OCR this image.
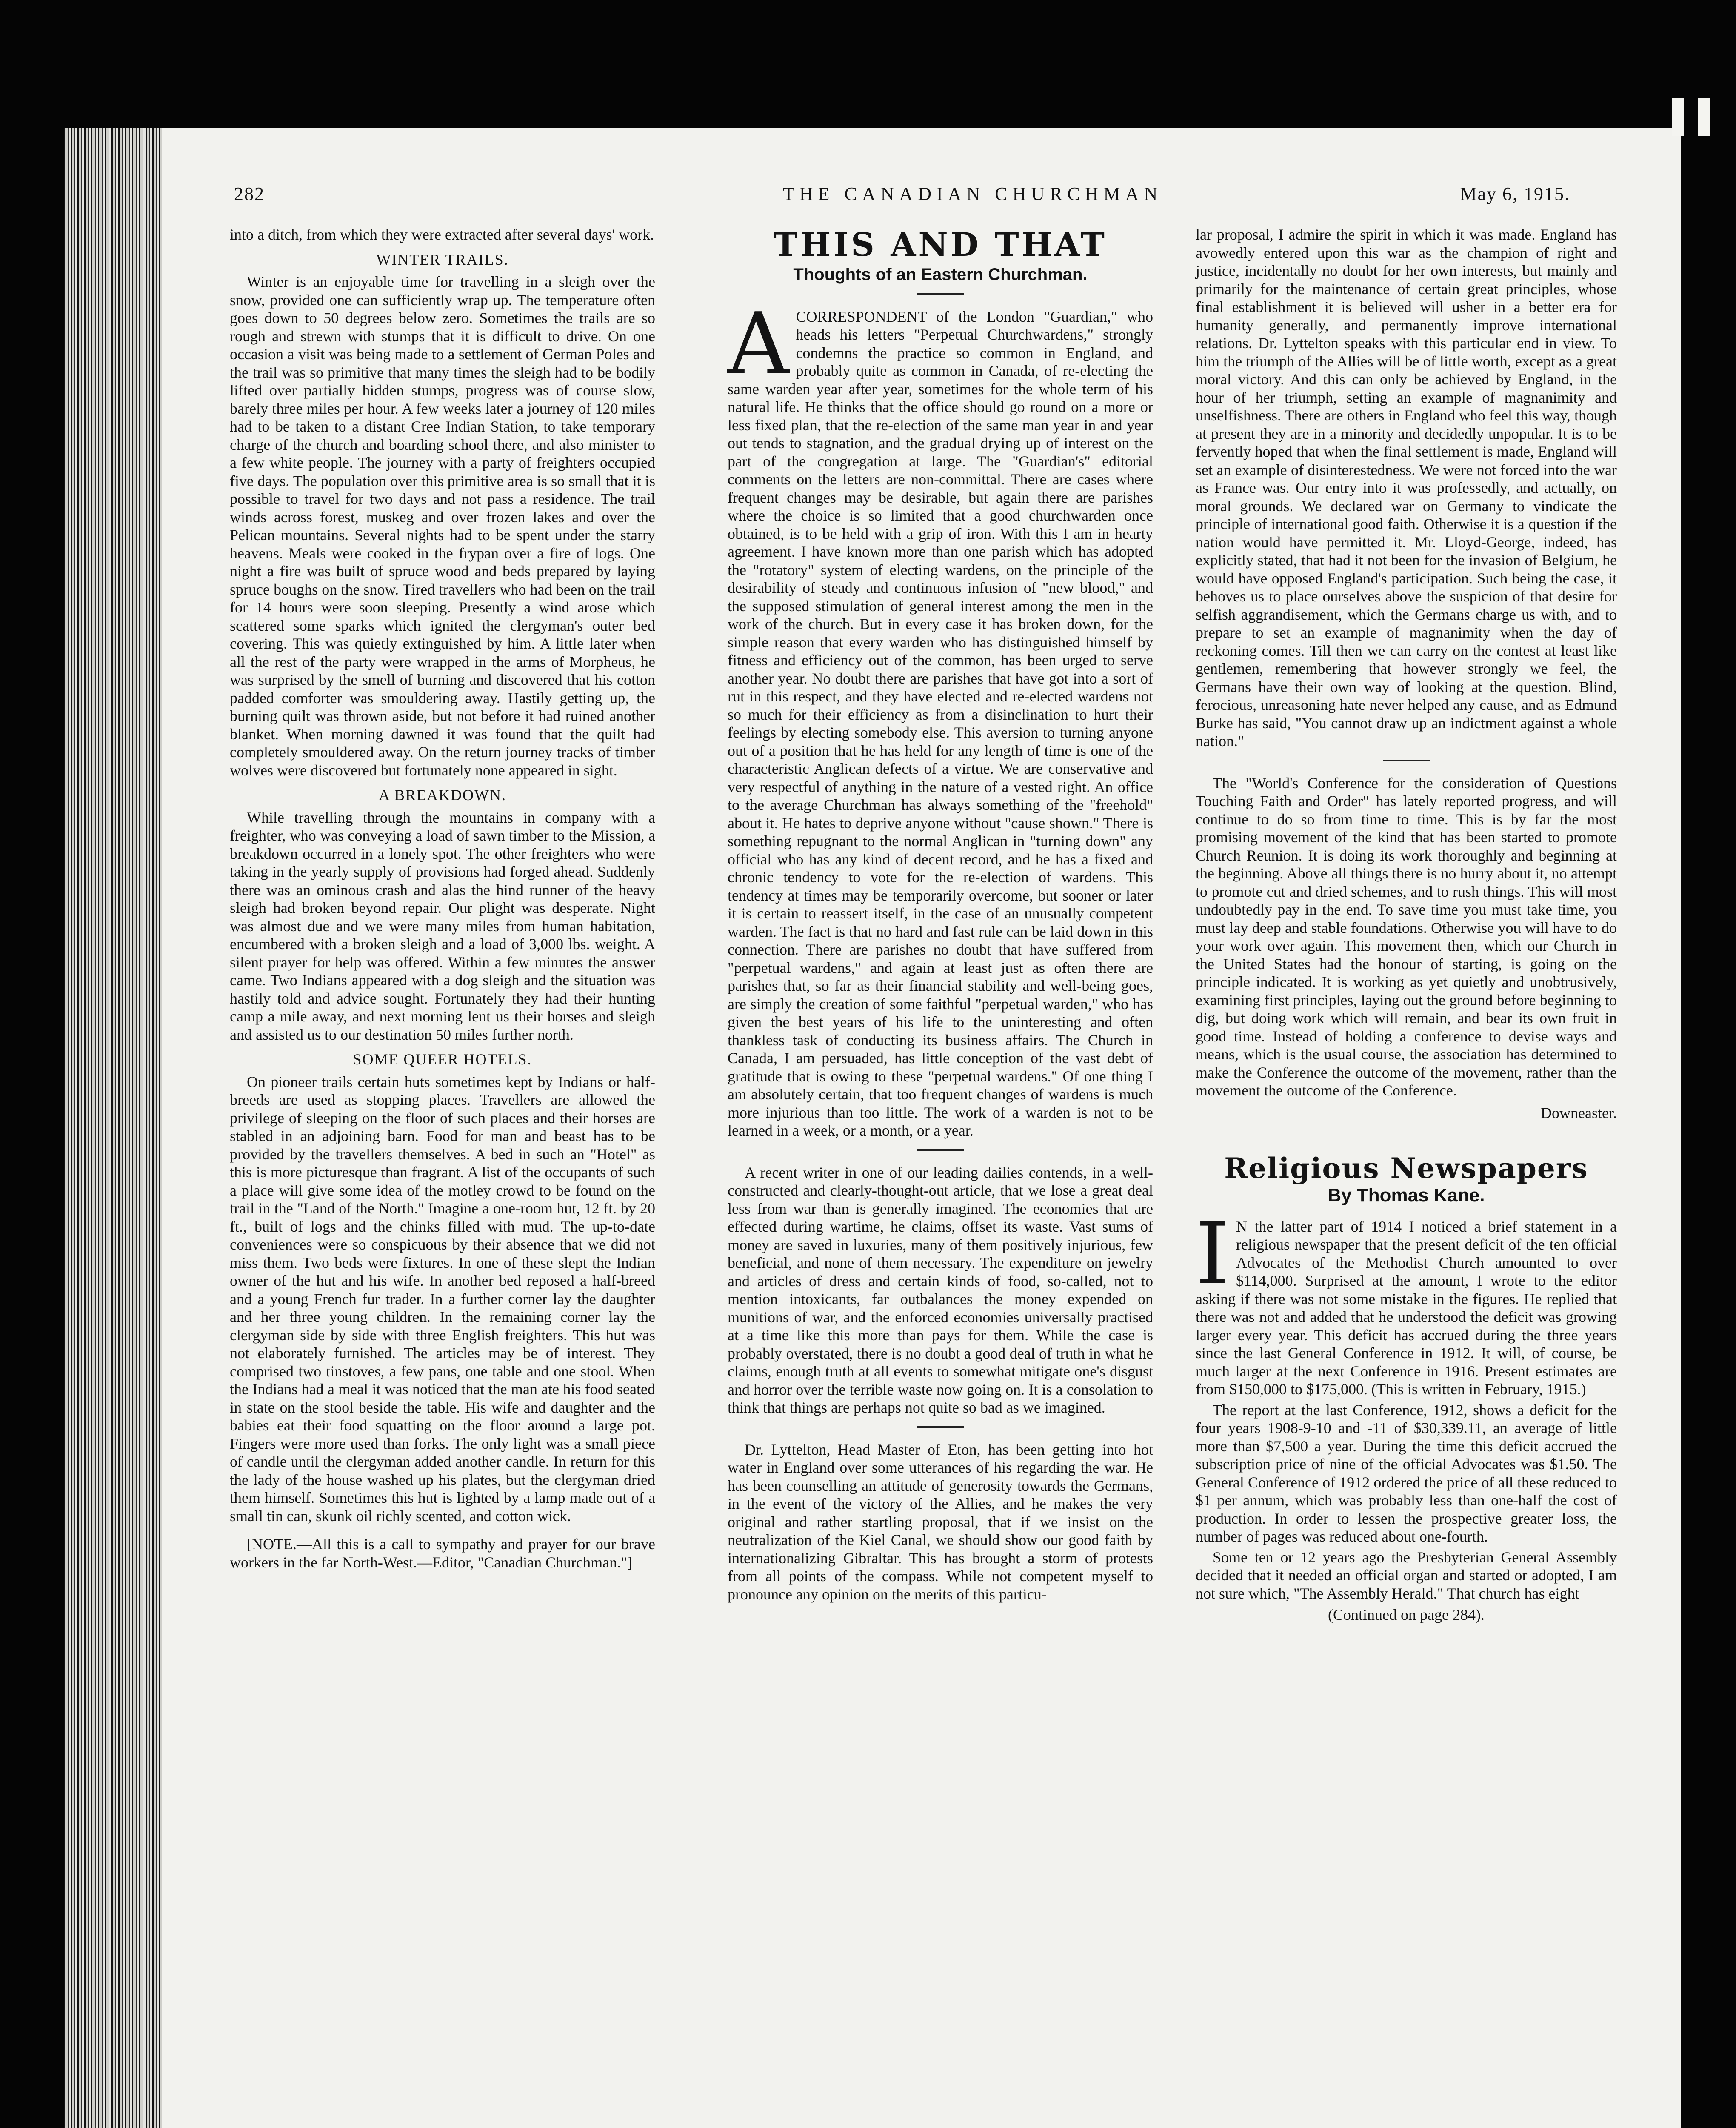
282	THE CANADIAN CHURCHMAN	May 6, 1915.

into a ditch, from which they were extracted after several days' work.

WINTER TRAILS.

Winter is an enjoyable time for travelling in a sleigh over the snow, provided one can sufficiently wrap up. The temperature often goes down to 50 degrees below zero. Sometimes the trails are so rough and strewn with stumps that it is difficult to drive. On one occasion a visit was being made to a settlement of German Poles and the trail was so primitive that many times the sleigh had to be bodily lifted over partially hidden stumps, progress was of course slow, barely three miles per hour. A few weeks later a journey of 120 miles had to be taken to a distant Cree Indian Station, to take temporary charge of the church and boarding school there, and also minister to a few white people. The journey with a party of freighters occupied five days. The population over this primitive area is so small that it is possible to travel for two days and not pass a residence. The trail winds across forest, muskeg and over frozen lakes and over the Pelican mountains. Several nights had to be spent under the starry heavens. Meals were cooked in the frypan over a fire of logs. One night a fire was built of spruce wood and beds prepared by laying spruce boughs on the snow. Tired travellers who had been on the trail for 14 hours were soon sleeping. Presently a wind arose which scattered some sparks which ignited the clergyman's outer bed covering. This was quietly extinguished by him. A little later when all the rest of the party were wrapped in the arms of Morpheus, he was surprised by the smell of burning and discovered that his cotton padded comforter was smouldering away. Hastily getting up, the burning quilt was thrown aside, but not before it had ruined another blanket. When morning dawned it was found that the quilt had completely smouldered away. On the return journey tracks of timber wolves were discovered but fortunately none appeared in sight.

A BREAKDOWN.

While travelling through the mountains in company with a freighter, who was conveying a load of sawn timber to the Mission, a breakdown occurred in a lonely spot. The other freighters who were taking in the yearly supply of provisions had forged ahead. Suddenly there was an ominous crash and alas the hind runner of the heavy sleigh had broken beyond repair. Our plight was desperate. Night was almost due and we were many miles from human habitation, encumbered with a broken sleigh and a load of 3,000 lbs. weight. A silent prayer for help was offered. Within a few minutes the answer came. Two Indians appeared with a dog sleigh and the situation was hastily told and advice sought. Fortunately they had their hunting camp a mile away, and next morning lent us their horses and sleigh and assisted us to our destination 50 miles further north.

SOME QUEER HOTELS.

On pioneer trails certain huts sometimes kept by Indians or half-breeds are used as stopping places. Travellers are allowed the privilege of sleeping on the floor of such places and their horses are stabled in an adjoining barn. Food for man and beast has to be provided by the travellers themselves. A bed in such an "Hotel" as this is more picturesque than fragrant. A list of the occupants of such a place will give some idea of the motley crowd to be found on the trail in the "Land of the North." Imagine a one-room hut, 12 ft. by 20 ft., built of logs and the chinks filled with mud. The up-to-date conveniences were so conspicuous by their absence that we did not miss them. Two beds were fixtures. In one of these slept the Indian owner of the hut and his wife. In another bed reposed a half-breed and a young French fur trader. In a further corner lay the daughter and her three young children. In the remaining corner lay the clergyman side by side with three English freighters. This hut was not elaborately furnished. The articles may be of interest. They comprised two tinstoves, a few pans, one table and one stool. When the Indians had a meal it was noticed that the man ate his food seated in state on the stool beside the table. His wife and daughter and the babies eat their food squatting on the floor around a large pot. Fingers were more used than forks. The only light was a small piece of candle until the clergyman added another candle. In return for this the lady of the house washed up his plates, but the clergyman dried them himself. Sometimes this hut is lighted by a lamp made out of a small tin can, skunk oil richly scented, and cotton wick.

[NOTE.—All this is a call to sympathy and prayer for our brave workers in the far North-West.—Editor, "Canadian Churchman."]

THIS AND THAT
Thoughts of an Eastern Churchman.

ACORRESPONDENT of the London "Guardian," who heads his letters "Perpetual Churchwardens," strongly condemns the practice so common in England, and probably quite as common in Canada, of re-electing the same warden year after year, sometimes for the whole term of his natural life. He thinks that the office should go round on a more or less fixed plan, that the re-election of the same man year in and year out tends to stagnation, and the gradual drying up of interest on the part of the congregation at large. The "Guardian's" editorial comments on the letters are non-committal. There are cases where frequent changes may be desirable, but again there are parishes where the choice is so limited that a good churchwarden once obtained, is to be held with a grip of iron. With this I am in hearty agreement. I have known more than one parish which has adopted the "rotatory" system of electing wardens, on the principle of the desirability of steady and continuous infusion of "new blood," and the supposed stimulation of general interest among the men in the work of the church. But in every case it has broken down, for the simple reason that every warden who has distinguished himself by fitness and efficiency out of the common, has been urged to serve another year. No doubt there are parishes that have got into a sort of rut in this respect, and they have elected and re-elected wardens not so much for their efficiency as from a disinclination to hurt their feelings by electing somebody else. This aversion to turning anyone out of a position that he has held for any length of time is one of the characteristic Anglican defects of a virtue. We are conservative and very respectful of anything in the nature of a vested right. An office to the average Churchman has always something of the "freehold" about it. He hates to deprive anyone without "cause shown." There is something repugnant to the normal Anglican in "turning down" any official who has any kind of decent record, and he has a fixed and chronic tendency to vote for the re-election of wardens. This tendency at times may be temporarily overcome, but sooner or later it is certain to reassert itself, in the case of an unusually competent warden. The fact is that no hard and fast rule can be laid down in this connection. There are parishes no doubt that have suffered from "perpetual wardens," and again at least just as often there are parishes that, so far as their financial stability and well-being goes, are simply the creation of some faithful "perpetual warden," who has given the best years of his life to the uninteresting and often thankless task of conducting its business affairs. The Church in Canada, I am persuaded, has little conception of the vast debt of gratitude that is owing to these "perpetual wardens." Of one thing I am absolutely certain, that too frequent changes of wardens is much more injurious than too little. The work of a warden is not to be learned in a week, or a month, or a year.

A recent writer in one of our leading dailies contends, in a well-constructed and clearly-thought-out article, that we lose a great deal less from war than is generally imagined. The economies that are effected during wartime, he claims, offset its waste. Vast sums of money are saved in luxuries, many of them positively injurious, few beneficial, and none of them necessary. The expenditure on jewelry and articles of dress and certain kinds of food, so-called, not to mention intoxicants, far outbalances the money expended on munitions of war, and the enforced economies universally practised at a time like this more than pays for them. While the case is probably overstated, there is no doubt a good deal of truth in what he claims, enough truth at all events to somewhat mitigate one's disgust and horror over the terrible waste now going on. It is a consolation to think that things are perhaps not quite so bad as we imagined.

Dr. Lyttelton, Head Master of Eton, has been getting into hot water in England over some utterances of his regarding the war. He has been counselling an attitude of generosity towards the Germans, in the event of the victory of the Allies, and he makes the very original and rather startling proposal, that if we insist on the neutralization of the Kiel Canal, we should show our good faith by internationalizing Gibraltar. This has brought a storm of protests from all points of the compass. While not competent myself to pronounce any opinion on the merits of this particu-

lar proposal, I admire the spirit in which it was made. England has avowedly entered upon this war as the champion of right and justice, incidentally no doubt for her own interests, but mainly and primarily for the maintenance of certain great principles, whose final establishment it is believed will usher in a better era for humanity generally, and permanently improve international relations. Dr. Lyttelton speaks with this particular end in view. To him the triumph of the Allies will be of little worth, except as a great moral victory. And this can only be achieved by England, in the hour of her triumph, setting an example of magnanimity and unselfishness. There are others in England who feel this way, though at present they are in a minority and decidedly unpopular. It is to be fervently hoped that when the final settlement is made, England will set an example of disinterestedness. We were not forced into the war as France was. Our entry into it was professedly, and actually, on moral grounds. We declared war on Germany to vindicate the principle of international good faith. Otherwise it is a question if the nation would have permitted it. Mr. Lloyd-George, indeed, has explicitly stated, that had it not been for the invasion of Belgium, he would have opposed England's participation. Such being the case, it behoves us to place ourselves above the suspicion of that desire for selfish aggrandisement, which the Germans charge us with, and to prepare to set an example of magnanimity when the day of reckoning comes. Till then we can carry on the contest at least like gentlemen, remembering that however strongly we feel, the Germans have their own way of looking at the question. Blind, ferocious, unreasoning hate never helped any cause, and as Edmund Burke has said, "You cannot draw up an indictment against a whole nation."

The "World's Conference for the consideration of Questions Touching Faith and Order" has lately reported progress, and will continue to do so from time to time. This is by far the most promising movement of the kind that has been started to promote Church Reunion. It is doing its work thoroughly and beginning at the beginning. Above all things there is no hurry about it, no attempt to promote cut and dried schemes, and to rush things. This will most undoubtedly pay in the end. To save time you must take time, you must lay deep and stable foundations. Otherwise you will have to do your work over again. This movement then, which our Church in the United States had the honour of starting, is going on the principle indicated. It is working as yet quietly and unobtrusively, examining first principles, laying out the ground before beginning to dig, but doing work which will remain, and bear its own fruit in good time. Instead of holding a conference to devise ways and means, which is the usual course, the association has determined to make the Conference the outcome of the movement, rather than the movement the outcome of the Conference.

Downeaster.
Religious Newspapers
By Thomas Kane.

I N the latter part of 1914 I noticed a brief statement in a religious newspaper that the present deficit of the ten official Advocates of the Methodist Church amounted to over $114,000. Surprised at the amount, I wrote to the editor asking if there was not some mistake in the figures. He replied that there was not and added that he understood the deficit was growing larger every year. This deficit has accrued during the three years since the last General Conference in 1912. It will, of course, be much larger at the next Conference in 1916. Present estimates are from $150,000 to $175,000. (This is written in February, 1915.)

The report at the last Conference, 1912, shows a deficit for the four years 1908-9-10 and -11 of $30,339.11, an average of little more than $7,500 a year. During the time this deficit accrued the subscription price of nine of the official Advocates was $1.50. The General Conference of 1912 ordered the price of all these reduced to $1 per annum, which was probably less than one-half the cost of production. In order to lessen the prospective greater loss, the number of pages was reduced about one-fourth.

Some ten or 12 years ago the Presbyterian General Assembly decided that it needed an official organ and started or adopted, I am not sure which, "The Assembly Herald." That church has eight

(Continued on page 284).
